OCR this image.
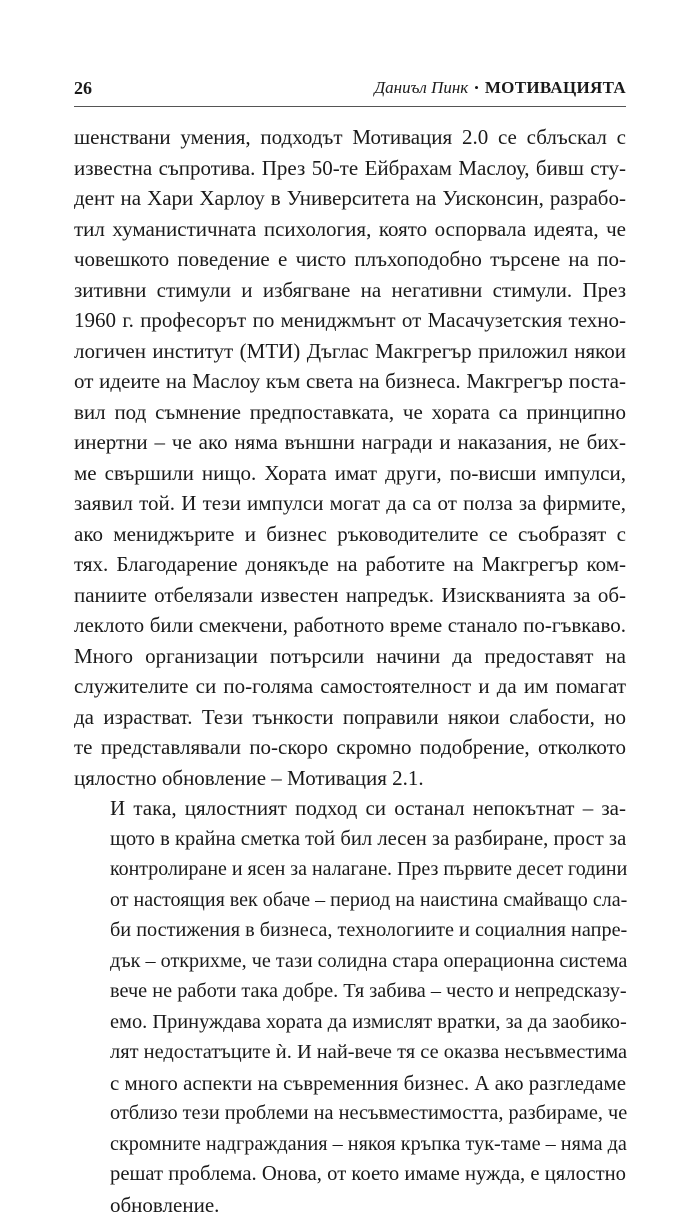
26	Даниъл Пинк • МОТИВАЦИЯТА
шенствани умения, подходът Мотивация 2.0 се сблъскал с
известна съпротива. През 50-те Ейбрахам Маслоу, бивш сту-
дент на Хари Харлоу в Университета на Уисконсин, разрабо-
тил хуманистичната психология, която оспорвала идеята, че
човешкото поведение е чисто плъхоподобно търсене на по-
зитивни стимули и избягване на негативни стимули. През
1960 г. професорът по мениджмънт от Масачузетския техно-
логичен институт (МТИ) Дъглас Макгрегър приложил някои
от идеите на Маслоу към света на бизнеса. Макгрегър поста-
вил под съмнение предпоставката, че хората са принципно
инертни – че ако няма външни награди и наказания, не бих-
ме свършили нищо. Хората имат други, по-висши импулси,
заявил той. И тези импулси могат да са от полза за фирмите,
ако мениджърите и бизнес ръководителите се съобразят с
тях. Благодарение донякъде на работите на Макгрегър ком-
паниите отбелязали известен напредък. Изискванията за об-
леклото били смекчени, работното време станало по-гъвкаво.
Много организации потърсили начини да предоставят на
служителите си по-голяма самостоятелност и да им помагат
да израстват. Тези тънкости поправили някои слабости, но
те представлявали по-скоро скромно подобрение, отколкото
цялостно обновление – Мотивация 2.1.
И така, цялостният подход си останал непокътнат – за-
щото в крайна сметка той бил лесен за разбиране, прост за
контролиране и ясен за налагане. През първите десет години
от настоящия век обаче – период на наистина смайващо сла-
би постижения в бизнеса, технологиите и социалния напре-
дък – открихме, че тази солидна стара операционна система
вече не работи така добре. Тя забива – често и непредсказу-
емо. Принуждава хората да измислят вратки, за да заобико-
лят недостатъците ѝ. И най-вече тя се оказва несъвместима
с много аспекти на съвременния бизнес. А ако разгледаме
отблизо тези проблеми на несъвместимостта, разбираме, че
скромните надграждания – някоя кръпка тук-таме – няма да
решат проблема. Онова, от което имаме нужда, е цялостно
обновление.
